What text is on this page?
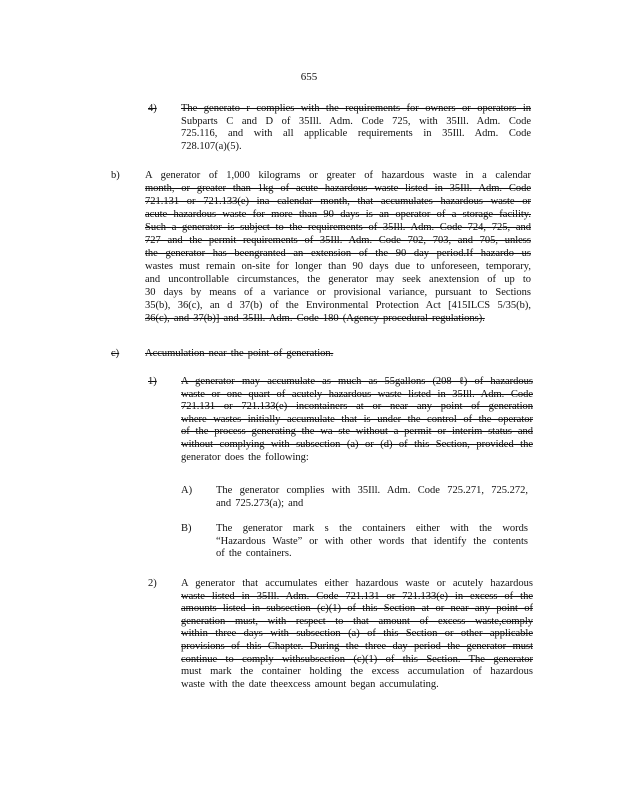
655
4) The generato r complies with the requirements for owners or operators in
Subparts C and D of 35Ill. Adm. Code 725, with 35Ill. Adm. Code
725.116, and with all applicable requirements in 35Ill. Adm. Code
728.107(a)(5).
b) A generator of 1,000 kilograms or greater of hazardous waste in a calendar
month, or greater than 1kg of acute hazardous waste listed in 35Ill. Adm. Code
721.131 or 721.133(e) ina calendar month, that accumulates hazardous waste or
acute hazardous waste for more than 90 days is an operator of a storage facility.
Such a generator is subject to the requirements of 35Ill. Adm. Code 724, 725, and
727 and the permit requirements of 35Ill. Adm. Code 702, 703, and 705, unless
the generator has beengranted an extension of the 90 day period.If hazardo us
wastes must remain on-site for longer than 90 days due to unforeseen, temporary,
and uncontrollable circumstances, the generator may seek anextension of up to
30 days by means of a variance or provisional variance, pursuant to Sections
35(b), 36(c), an d 37(b) of the Environmental Protection Act [415ILCS 5/35(b),
36(c), and 37(b)] and 35Ill. Adm. Code 180 (Agency procedural regulations).
c) Accumulation near the point of generation.
1) A generator may accumulate as much as 55gallons (208 ℓ) of hazardous
waste or one quart of acutely hazardous waste listed in 35Ill. Adm. Code
721.131 or 721.133(e) incontainers at or near any point of generation
where wastes initially accumulate that is under the control of the operator
of the process generating the wa ste without a permit or interim status and
without complying with subsection (a) or (d) of this Section, provided the
generator does the following:
A) The generator complies with 35Ill. Adm. Code 725.271, 725.272,
and 725.273(a); and
B) The generator mark s the containers either with the words
“Hazardous Waste” or with other words that identify the contents
of the containers.
2) A generator that accumulates either hazardous waste or acutely hazardous
waste listed in 35Ill. Adm. Code 721.131 or 721.133(e) in excess of the
amounts listed in subsection (c)(1) of this Section at or near any point of
generation must, with respect to that amount of excess waste,comply
within three days with subsection (a) of this Section or other applicable
provisions of this Chapter. During the three day period the generator must
continue to comply withsubsection (c)(1) of this Section. The generator
must mark the container holding the excess accumulation of hazardous
waste with the date theexcess amount began accumulating.
